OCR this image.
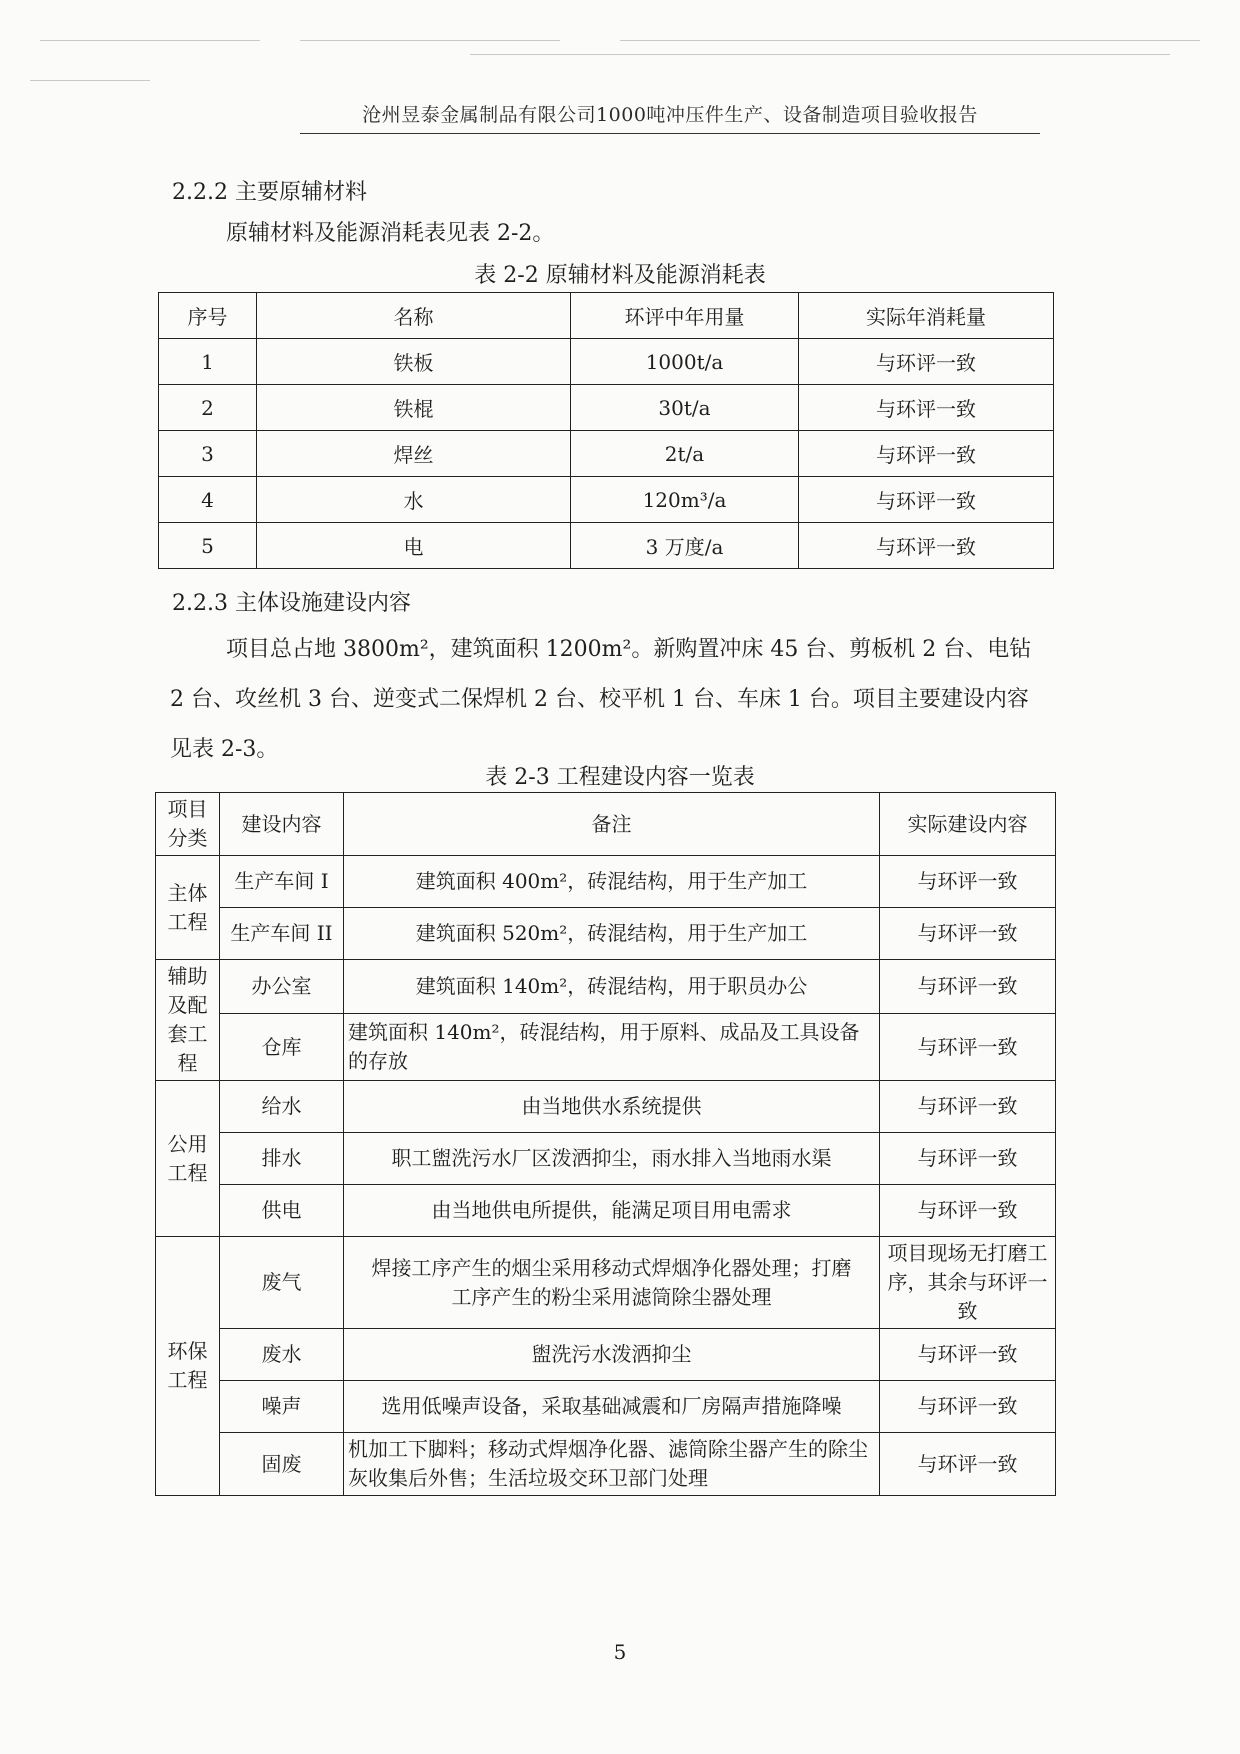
沧州昱泰金属制品有限公司1000吨冲压件生产、设备制造项目验收报告
2.2.2 主要原辅材料

原辅材料及能源消耗表见表 2-2。

表 2-2 原辅材料及能源消耗表
序号	名称	环评中年用量	实际年消耗量
1	铁板	1000t/a	与环评一致
2	铁棍	30t/a	与环评一致
3	焊丝	2t/a	与环评一致
4	水	120m³/a	与环评一致
5	电	3 万度/a	与环评一致
2.2.3 主体设施建设内容

项目总占地 3800m²，建筑面积 1200m²。新购置冲床 45 台、剪板机 2 台、电钻 2 台、攻丝机 3 台、逆变式二保焊机 2 台、校平机 1 台、车床 1 台。项目主要建设内容见表 2-3。

表 2-3 工程建设内容一览表
项目分类	建设内容	备注	实际建设内容
主体工程	生产车间 I	建筑面积 400m²，砖混结构，用于生产加工	与环评一致
	生产车间 II	建筑面积 520m²，砖混结构，用于生产加工	与环评一致
辅助及配套工程	办公室	建筑面积 140m²，砖混结构，用于职员办公	与环评一致
	仓库	建筑面积 140m²，砖混结构，用于原料、成品及工具设备的存放	与环评一致
公用工程	给水	由当地供水系统提供	与环评一致
	排水	职工盥洗污水厂区泼洒抑尘，雨水排入当地雨水渠	与环评一致
	供电	由当地供电所提供，能满足项目用电需求	与环评一致
环保工程	废气	焊接工序产生的烟尘采用移动式焊烟净化器处理；打磨工序产生的粉尘采用滤筒除尘器处理	项目现场无打磨工序，其余与环评一致
	废水	盥洗污水泼洒抑尘	与环评一致
	噪声	选用低噪声设备，采取基础减震和厂房隔声措施降噪	与环评一致
	固废	机加工下脚料；移动式焊烟净化器、滤筒除尘器产生的除尘灰收集后外售；生活垃圾交环卫部门处理	与环评一致
5
